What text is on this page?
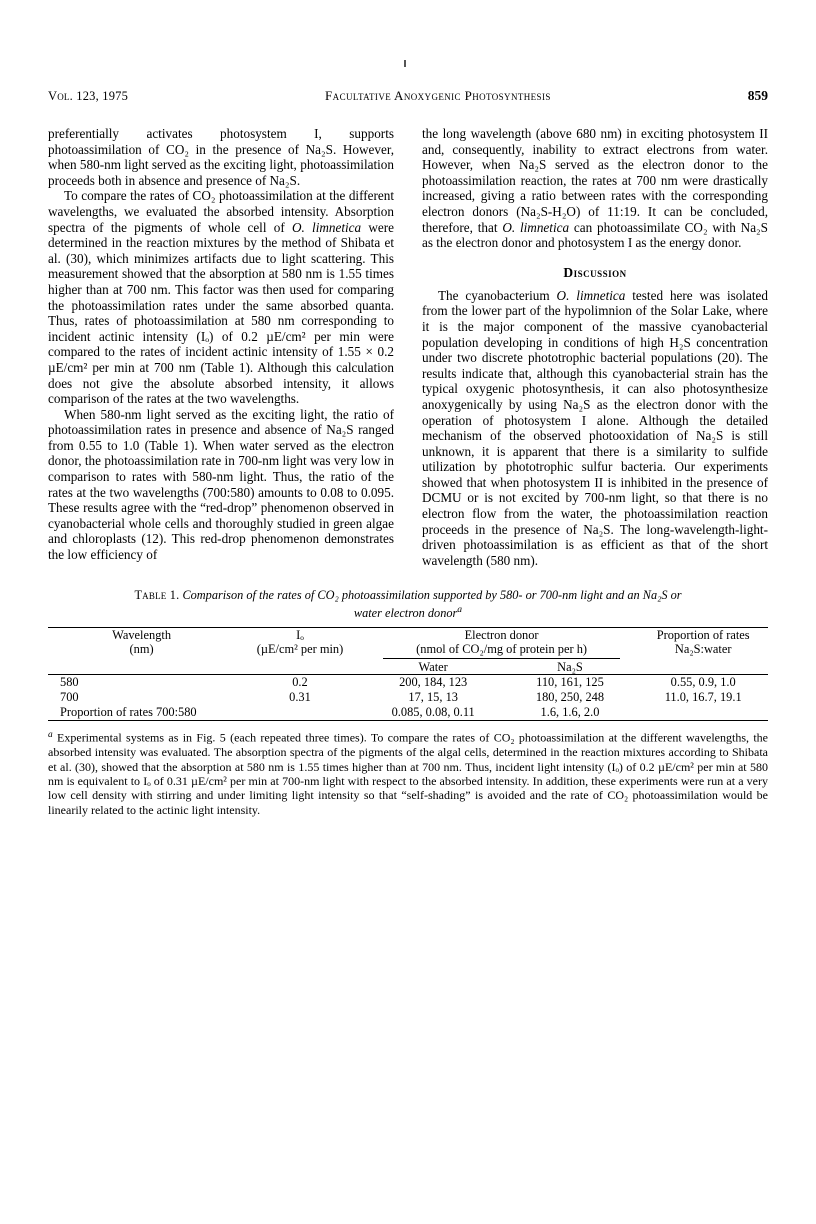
Vol. 123, 1975	Facultative Anoxygenic Photosynthesis	859

preferentially activates photosystem I, supports photoassimilation of CO₂ in the presence of Na₂S. However, when 580-nm light served as the exciting light, photoassimilation proceeds both in absence and presence of Na₂S.

To compare the rates of CO₂ photoassimilation at the different wavelengths, we evaluated the absorbed intensity. Absorption spectra of the pigments of whole cell of O. limnetica were determined in the reaction mixtures by the method of Shibata et al. (30), which minimizes artifacts due to light scattering. This measurement showed that the absorption at 580 nm is 1.55 times higher than at 700 nm. This factor was then used for comparing the photoassimilation rates under the same absorbed quanta. Thus, rates of photoassimilation at 580 nm corresponding to incident actinic intensity (Iₒ) of 0.2 µE/cm² per min were compared to the rates of incident actinic intensity of 1.55 × 0.2 µE/cm² per min at 700 nm (Table 1). Although this calculation does not give the absolute absorbed intensity, it allows comparison of the rates at the two wavelengths.

When 580-nm light served as the exciting light, the ratio of photoassimilation rates in presence and absence of Na₂S ranged from 0.55 to 1.0 (Table 1). When water served as the electron donor, the photoassimilation rate in 700-nm light was very low in comparison to rates with 580-nm light. Thus, the ratio of the rates at the two wavelengths (700:580) amounts to 0.08 to 0.095. These results agree with the “red-drop” phenomenon observed in cyanobacterial whole cells and thoroughly studied in green algae and chloroplasts (12). This red-drop phenomenon demonstrates the low efficiency of

the long wavelength (above 680 nm) in exciting photosystem II and, consequently, inability to extract electrons from water. However, when Na₂S served as the electron donor to the photoassimilation reaction, the rates at 700 nm were drastically increased, giving a ratio between rates with the corresponding electron donors (Na₂S-H₂O) of 11:19. It can be concluded, therefore, that O. limnetica can photoassimilate CO₂ with Na₂S as the electron donor and photosystem I as the energy donor.

Discussion

The cyanobacterium O. limnetica tested here was isolated from the lower part of the hypolimnion of the Solar Lake, where it is the major component of the massive cyanobacterial population developing in conditions of high H₂S concentration under two discrete phototrophic bacterial populations (20). The results indicate that, although this cyanobacterial strain has the typical oxygenic photosynthesis, it can also photosynthesize anoxygenically by using Na₂S as the electron donor with the operation of photosystem I alone. Although the detailed mechanism of the observed photooxidation of Na₂S is still unknown, it is apparent that there is a similarity to sulfide utilization by phototrophic sulfur bacteria. Our experiments showed that when photosystem II is inhibited in the presence of DCMU or is not excited by 700-nm light, so that there is no electron flow from the water, the photoassimilation reaction proceeds in the presence of Na₂S. The long-wavelength-light-driven photoassimilation is as efficient as that of the short wavelength (580 nm).

Table 1. Comparison of the rates of CO₂ photoassimilation supported by 580- or 700-nm light and an Na₂S or
water electron donor$^a$
Wavelength
(nm)

Iₒ
(µE/cm² per min)

Electron donor
(nmol of CO₂/mg of protein per h)

Proportion of rates
Na₂S:water

		Water	Na₂S	
580	0.2	200, 184, 123	110, 161, 125	0.55, 0.9, 1.0
700	0.31	17, 15, 13	180, 250, 248	11.0, 16.7, 19.1
Proportion of rates 700:580		0.085, 0.08, 0.11	1.6, 1.6, 2.0	

$^a$ Experimental systems as in Fig. 5 (each repeated three times). To compare the rates of CO₂ photoassimilation at the different wavelengths, the absorbed intensity was evaluated. The absorption spectra of the pigments of the algal cells, determined in the reaction mixtures according to Shibata et al. (30), showed that the absorption at 580 nm is 1.55 times higher than at 700 nm. Thus, incident light intensity (Iₒ) of 0.2 µE/cm² per min at 580 nm is equivalent to Iₒ of 0.31 µE/cm² per min at 700-nm light with respect to the absorbed intensity. In addition, these experiments were run at a very low cell density with stirring and under limiting light intensity so that “self-shading” is avoided and the rate of CO₂ photoassimilation would be linearily related to the actinic light intensity.
